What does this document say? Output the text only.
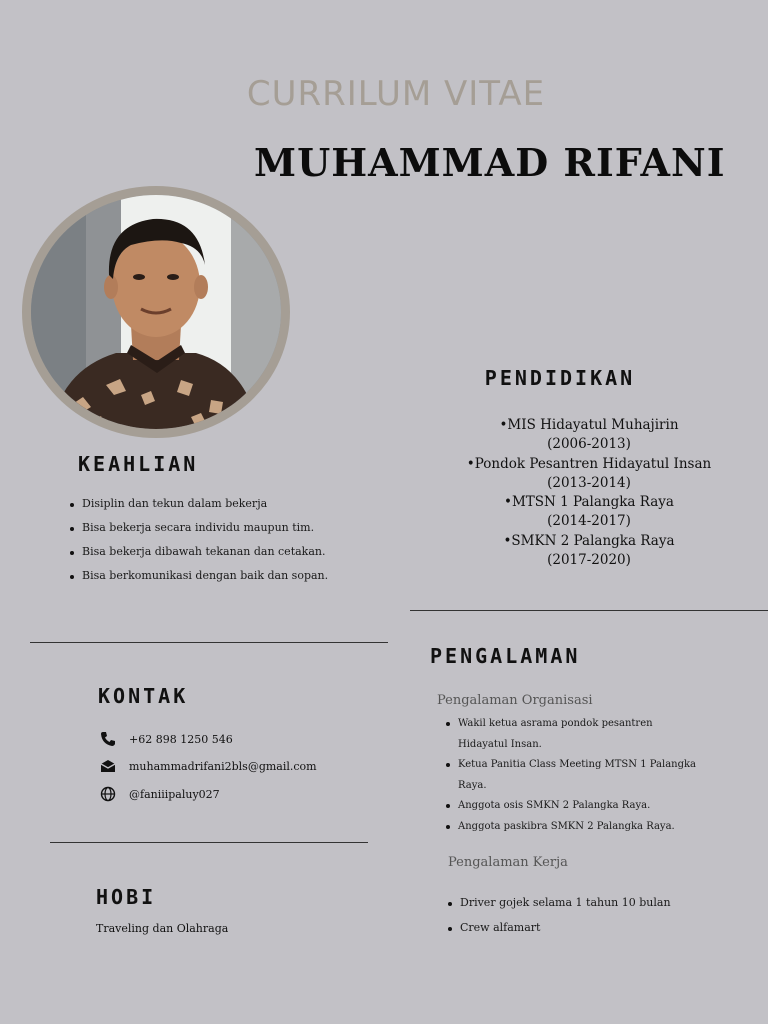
CURRILUM VITAE
MUHAMMAD RIFANI
KEAHLIAN
Disiplin dan tekun dalam bekerja
Bisa bekerja secara individu maupun tim.
Bisa bekerja dibawah tekanan dan cetakan.
Bisa berkomunikasi dengan baik dan sopan.
PENDIDIKAN
•MIS Hidayatul Muhajirin
(2006-2013)
•Pondok Pesantren Hidayatul Insan
(2013-2014)
•MTSN 1 Palangka Raya
(2014-2017)
•SMKN 2 Palangka Raya
(2017-2020)
KONTAK
+62 898 1250 546
muhammadrifani2bls@gmail.com
@faniiipaluy027
PENGALAMAN
Pengalaman Organisasi
Wakil ketua asrama pondok pesantren
Hidayatul Insan.
Ketua Panitia Class Meeting MTSN 1 Palangka
Raya.
Anggota osis SMKN 2 Palangka Raya.
Anggota paskibra SMKN 2 Palangka Raya.
Pengalaman Kerja
Driver gojek selama 1 tahun 10 bulan
Crew alfamart
HOBI
Traveling dan Olahraga
